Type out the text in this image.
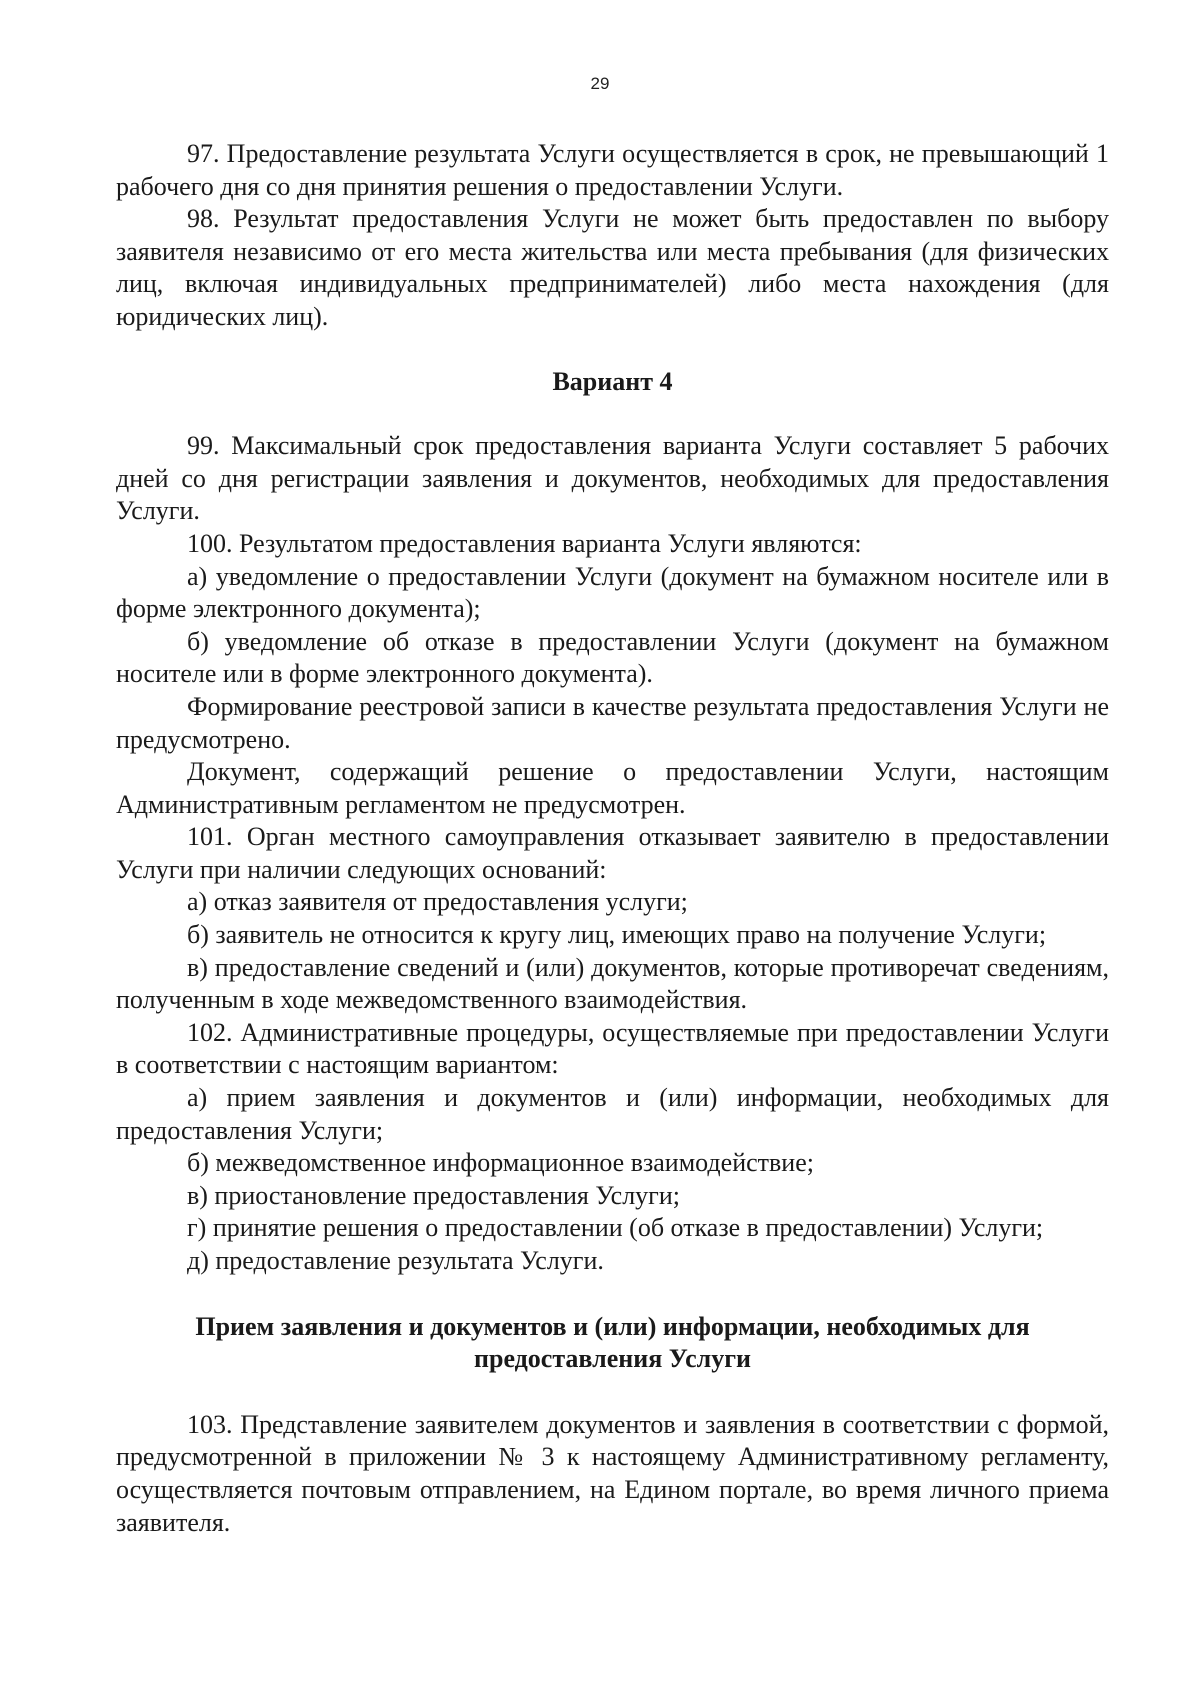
29

97. Предоставление результата Услуги осуществляется в срок, не превышающий 1 рабочего дня со дня принятия решения о предоставлении Услуги.

98. Результат предоставления Услуги не может быть предоставлен по выбору заявителя независимо от его места жительства или места пребывания (для физических лиц, включая индивидуальных предпринимателей) либо места нахождения (для юридических лиц).

Вариант 4

99. Максимальный срок предоставления варианта Услуги составляет 5 рабочих дней со дня регистрации заявления и документов, необходимых для предоставления Услуги.

100. Результатом предоставления варианта Услуги являются:

а) уведомление о предоставлении Услуги (документ на бумажном носителе или в форме электронного документа);

б) уведомление об отказе в предоставлении Услуги (документ на бумажном носителе или в форме электронного документа).

Формирование реестровой записи в качестве результата предоставления Услуги не предусмотрено.

Документ, содержащий решение о предоставлении Услуги, настоящим Административным регламентом не предусмотрен.

101. Орган местного самоуправления отказывает заявителю в предоставлении Услуги при наличии следующих оснований:

а) отказ заявителя от предоставления услуги;

б) заявитель не относится к кругу лиц, имеющих право на получение Услуги;

в) предоставление сведений и (или) документов, которые противоречат сведениям, полученным в ходе межведомственного взаимодействия.

102. Административные процедуры, осуществляемые при предоставлении Услуги в соответствии с настоящим вариантом:

а) прием заявления и документов и (или) информации, необходимых для предоставления Услуги;

б) межведомственное информационное взаимодействие;

в) приостановление предоставления Услуги;

г) принятие решения о предоставлении (об отказе в предоставлении) Услуги;

д) предоставление результата Услуги.

Прием заявления и документов и (или) информации, необходимых для
предоставления Услуги

103. Представление заявителем документов и заявления в соответствии с формой, предусмотренной в приложении № 3 к настоящему Административному регламенту, осуществляется почтовым отправлением, на Едином портале, во время личного приема заявителя.
